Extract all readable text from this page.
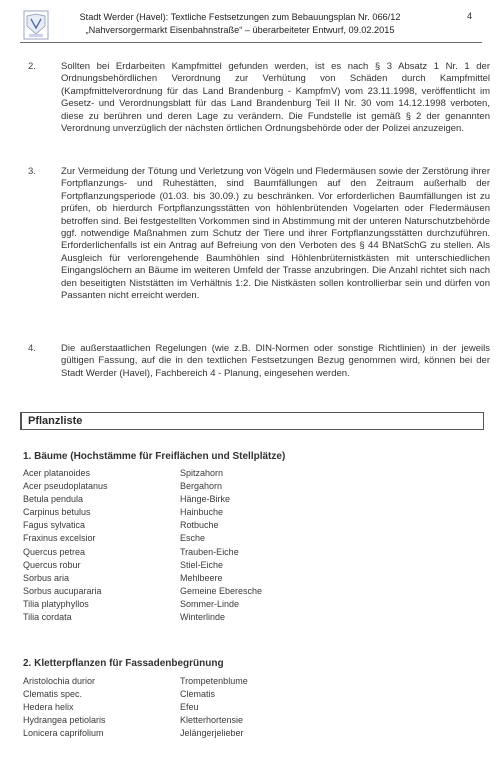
Stadt Werder (Havel): Textliche Festsetzungen zum Bebauungsplan Nr. 066/12
„Nahversorgermarkt Eisenbahnstraße“ – überarbeiteter Entwurf, 09.02.2015
4
2.	Sollten bei Erdarbeiten Kampfmittel gefunden werden, ist es nach § 3 Absatz 1 Nr. 1 der Ordnungsbehördlichen Verordnung zur Verhütung von Schäden durch Kampfmittel (Kampfmittelverordnung für das Land Brandenburg - KampfmV) vom 23.11.1998, veröffentlicht im Gesetz- und Verordnungsblatt für das Land Brandenburg Teil II Nr. 30 vom 14.12.1998 verboten, diese zu berühren und deren Lage zu verändern. Die Fundstelle ist gemäß § 2 der genannten Verordnung unverzüglich der nächsten örtlichen Ordnungsbehörde oder der Polizei anzuzeigen.

3.	Zur Vermeidung der Tötung und Verletzung von Vögeln und Fledermäusen sowie der Zerstörung ihrer Fortpflanzungs- und Ruhestätten, sind Baumfällungen auf den Zeitraum außerhalb der Fortpflanzungsperiode (01.03. bis 30.09.) zu beschränken. Vor erforderlichen Baumfällungen ist zu prüfen, ob hierdurch Fortpflanzungsstätten von höhlenbrütenden Vogelarten oder Fledermäusen betroffen sind. Bei festgestellten Vorkommen sind in Abstimmung mit der unteren Naturschutzbehörde ggf. notwendige Maßnahmen zum Schutz der Tiere und ihrer Fortpflanzungsstätten durchzuführen. Erforderlichenfalls ist ein Antrag auf Befreiung von den Verboten des § 44 BNatSchG zu stellen. Als Ausgleich für verlorengehende Baumhöhlen sind Höhlenbrüternistkästen mit unterschiedlichen Eingangslöchern an Bäume im weiteren Umfeld der Trasse anzubringen. Die Anzahl richtet sich nach den beseitigten Niststätten im Verhältnis 1:2. Die Nistkästen sollen kontrollierbar sein und dürfen von Passanten nicht erreicht werden.

4.	Die außerstaatlichen Regelungen (wie z.B. DIN-Normen oder sonstige Richtlinien) in der jeweils gültigen Fassung, auf die in den textlichen Festsetzungen Bezug genommen wird, können bei der Stadt Werder (Havel), Fachbereich 4 - Planung, eingesehen werden.

Pflanzliste
1. Bäume (Hochstämme für Freiflächen und Stellplätze)
Acer platanoides	Spitzahorn
Acer pseudoplatanus	Bergahorn
Betula pendula	Hänge-Birke
Carpinus betulus	Hainbuche
Fagus sylvatica	Rotbuche
Fraxinus excelsior	Esche
Quercus petrea	Trauben-Eiche
Quercus robur	Stiel-Eiche
Sorbus aria	Mehlbeere
Sorbus aucupararia	Gemeine Eberesche
Tilia platyphyllos	Sommer-Linde
Tilia cordata	Winterlinde
2. Kletterpflanzen für Fassadenbegrünung
Aristolochia durior	Trompetenblume
Clematis spec.	Clematis
Hedera helix	Efeu
Hydrangea petiolaris	Kletterhortensie
Lonicera caprifolium	Jelängerjelieber
